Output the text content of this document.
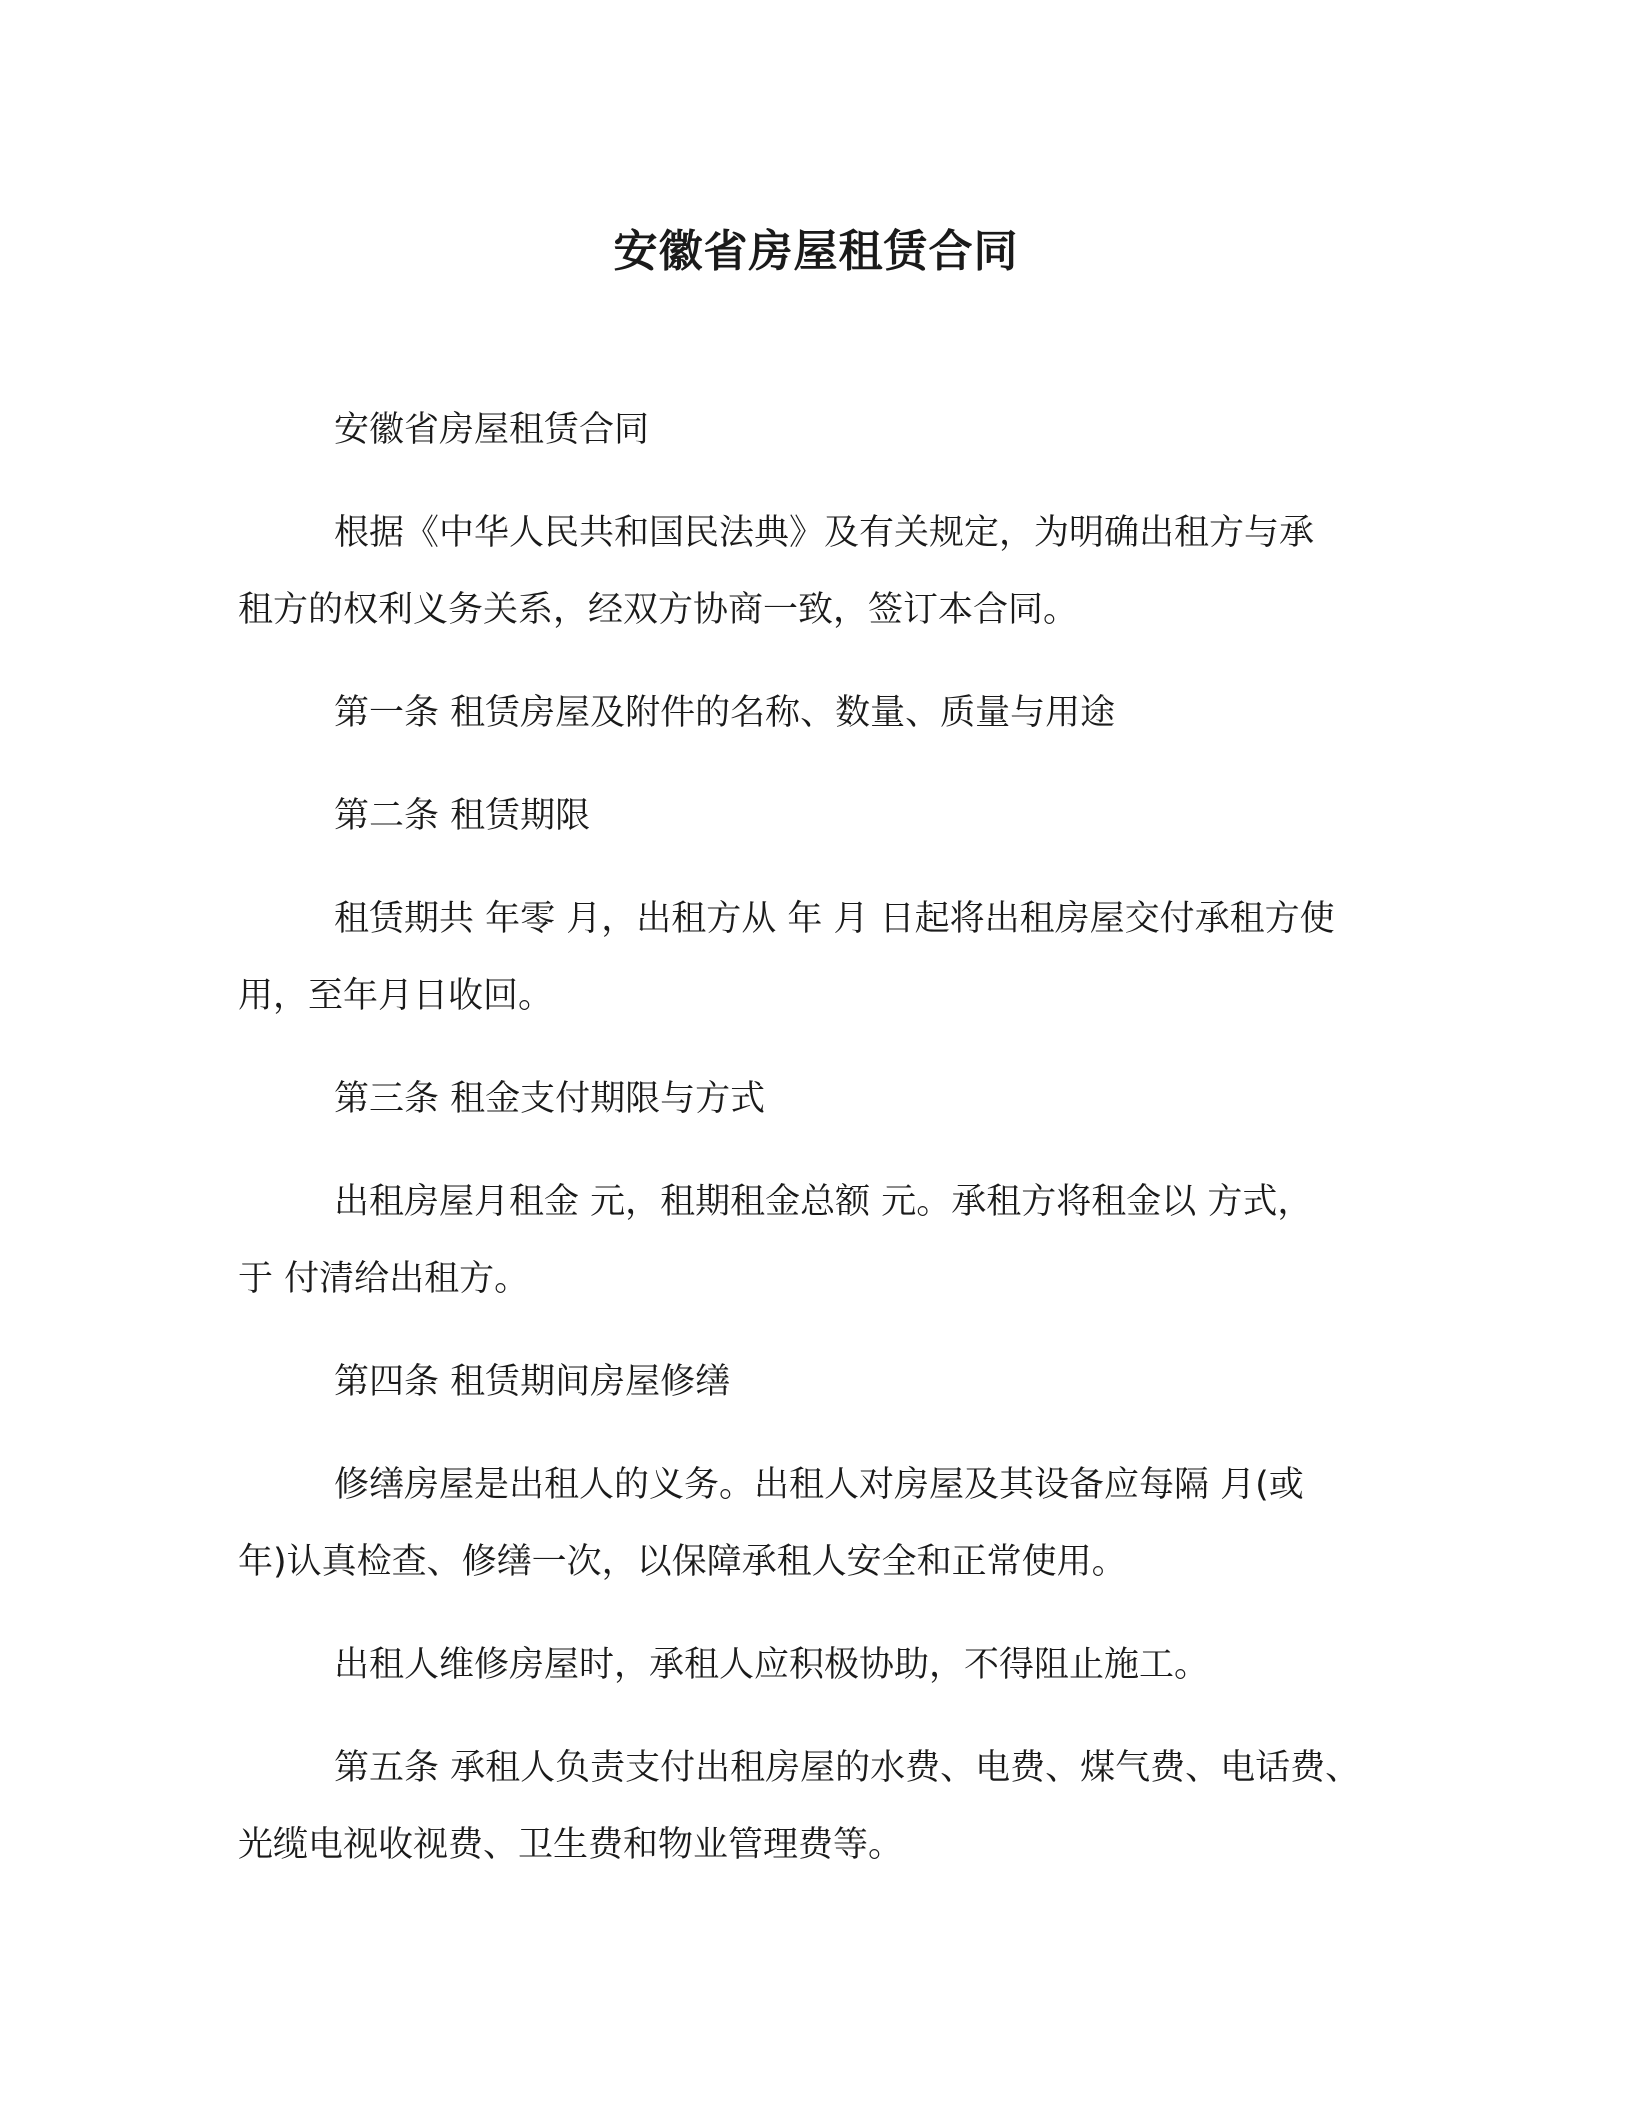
安徽省房屋租赁合同

安徽省房屋租赁合同

根据《中华人民共和国民法典》及有关规定，为明确出租方与承
租方的权利义务关系，经双方协商一致，签订本合同。

第一条 租赁房屋及附件的名称、数量、质量与用途

第二条 租赁期限

租赁期共 年零 月，出租方从 年 月 日起将出租房屋交付承租方使
用，至年月日收回。

第三条 租金支付期限与方式

出租房屋月租金 元，租期租金总额 元。承租方将租金以 方式，
于 付清给出租方。

第四条 租赁期间房屋修缮

修缮房屋是出租人的义务。出租人对房屋及其设备应每隔 月(或
年)认真检查、修缮一次，以保障承租人安全和正常使用。

出租人维修房屋时，承租人应积极协助，不得阻止施工。

第五条 承租人负责支付出租房屋的水费、电费、煤气费、电话费、
光缆电视收视费、卫生费和物业管理费等。
